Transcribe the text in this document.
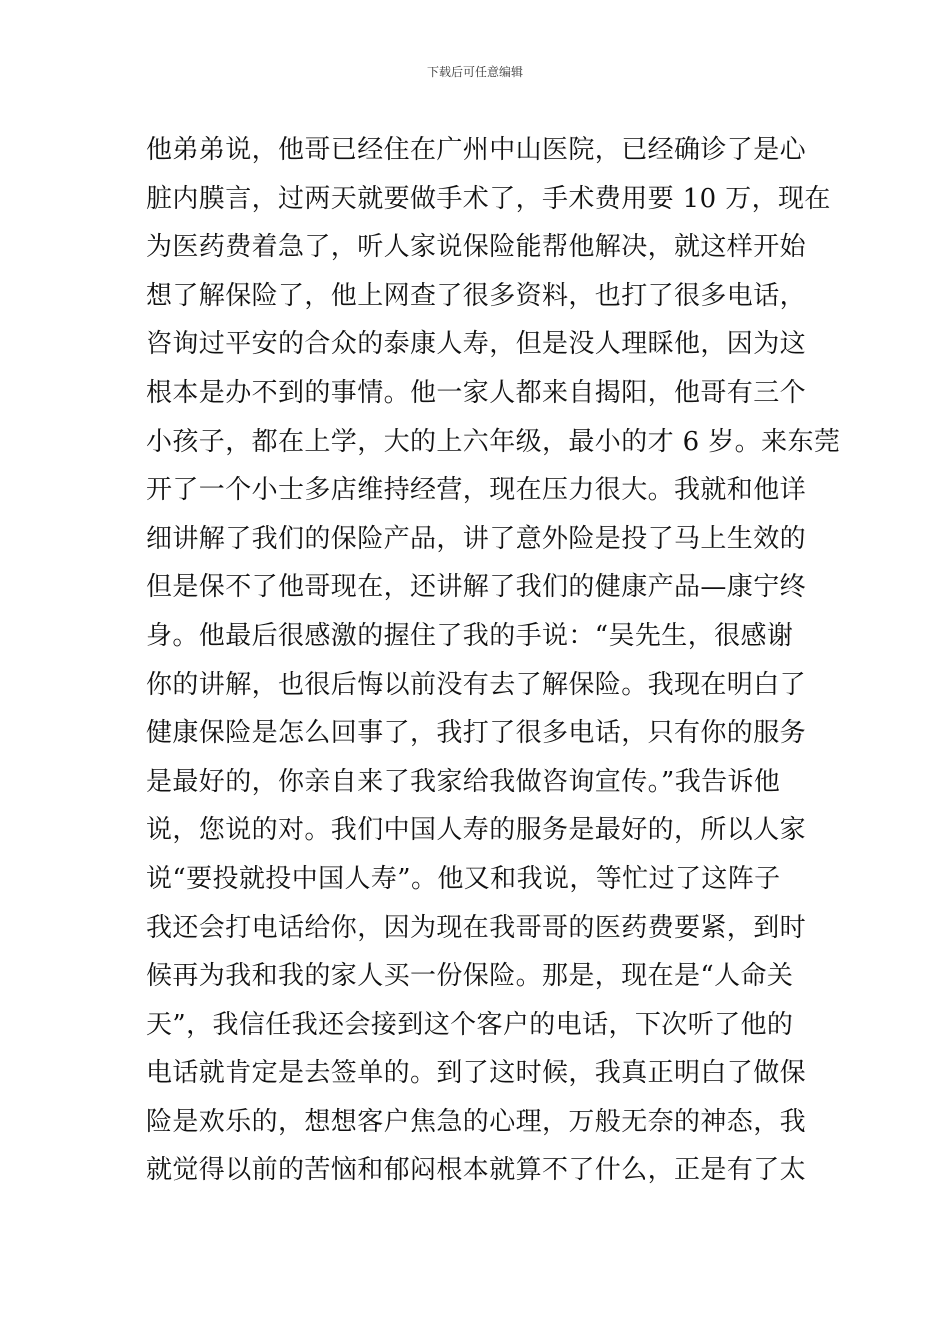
下载后可任意编辑
他弟弟说，他哥已经住在广州中山医院，已经确诊了是心
脏内膜言，过两天就要做手术了，手术费用要 10 万，现在
为医药费着急了，听人家说保险能帮他解决，就这样开始
想了解保险了，他上网查了很多资料，也打了很多电话，
咨询过平安的合众的泰康人寿，但是没人理睬他，因为这
根本是办不到的事情。他一家人都来自揭阳，他哥有三个
小孩子，都在上学，大的上六年级，最小的才 6 岁。来东莞
开了一个小士多店维持经营，现在压力很大。我就和他详
细讲解了我们的保险产品，讲了意外险是投了马上生效的
但是保不了他哥现在，还讲解了我们的健康产品—康宁终
身。他最后很感激的握住了我的手说：“吴先生，很感谢
你的讲解，也很后悔以前没有去了解保险。我现在明白了
健康保险是怎么回事了，我打了很多电话，只有你的服务
是最好的，你亲自来了我家给我做咨询宣传。”我告诉他
说，您说的对。我们中国人寿的服务是最好的，所以人家
说“要投就投中国人寿”。他又和我说，等忙过了这阵子
我还会打电话给你，因为现在我哥哥的医药费要紧，到时
候再为我和我的家人买一份保险。那是，现在是“人命关
天”，我信任我还会接到这个客户的电话，下次听了他的
电话就肯定是去签单的。到了这时候，我真正明白了做保
险是欢乐的，想想客户焦急的心理，万般无奈的神态，我
就觉得以前的苦恼和郁闷根本就算不了什么，正是有了太
